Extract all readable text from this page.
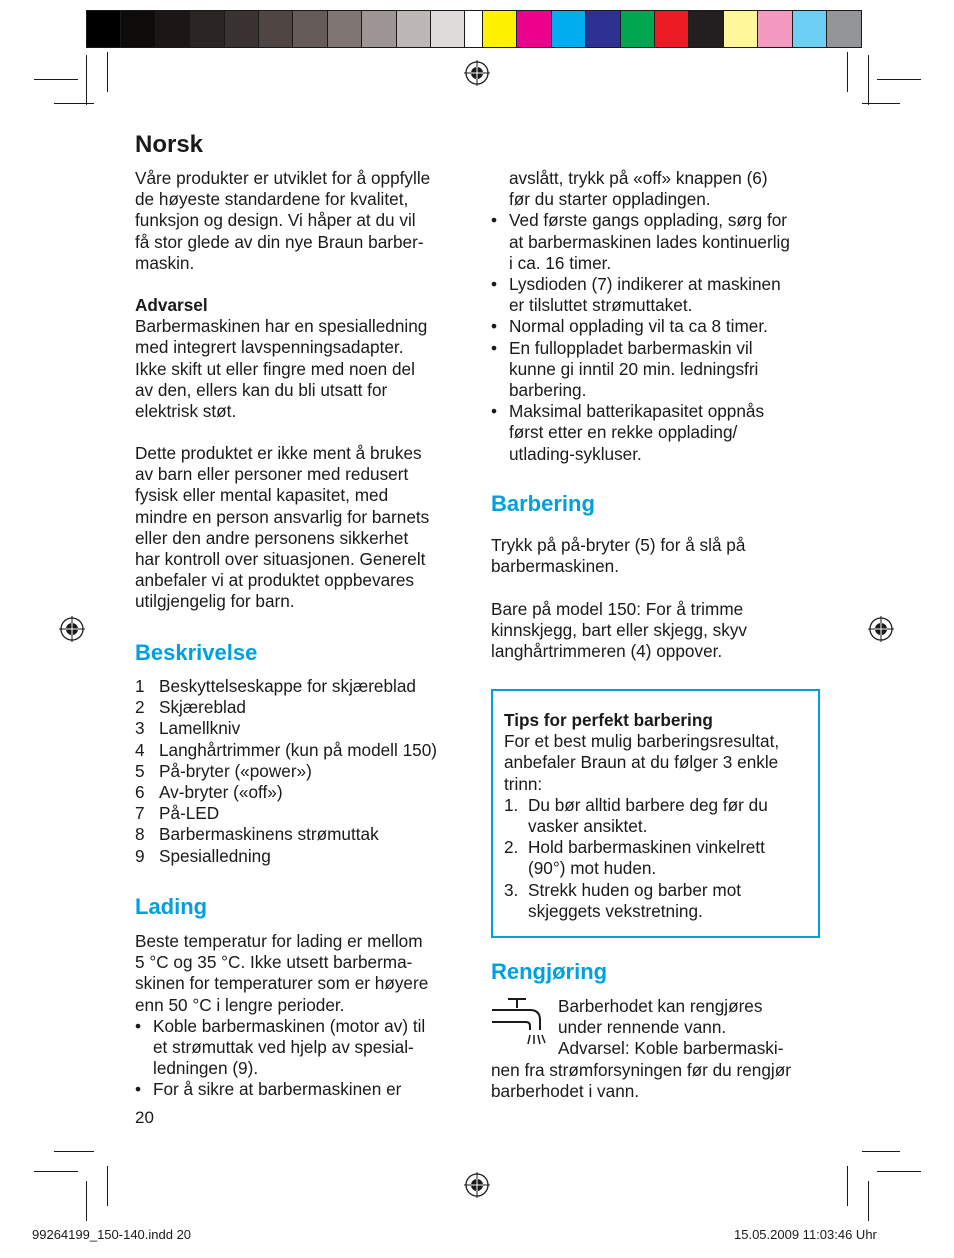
Norsk
Våre produkter er utviklet for å oppfylle
de høyeste standardene for kvalitet,
funksjon og design. Vi håper at du vil
få stor glede av din nye Braun barber-
maskin.

Advarsel

Barbermaskinen har en spesialledning
med integrert lavspenningsadapter.
Ikke skift ut eller fingre med noen del
av den, ellers kan du bli utsatt for
elektrisk støt.
Dette produktet er ikke ment å brukes
av barn eller personer med redusert
fysisk eller mental kapasitet, med
mindre en person ansvarlig for barnets
eller den andre personens sikkerhet
har kontroll over situasjonen. Generelt
anbefaler vi at produktet oppbevares
utilgjengelig for barn.
Beskrivelse
1 Beskyttelseskappe for skjæreblad
2 Skjæreblad
3 Lamellkniv
4 Langhårtrimmer (kun på modell 150)
5 På-bryter («power»)
6 Av-bryter («off»)
7 På-LED
8 Barbermaskinens strømuttak
9 Spesialledning
Lading
Beste temperatur for lading er mellom
5 °C og 35 °C. Ikke utsett barberma-
skinen for temperaturer som er høyere
enn 50 °C i lengre perioder.
• Koble barbermaskinen (motor av) til
et strømuttak ved hjelp av spesial-
ledningen (9).
• For å sikre at barbermaskinen er
20
avslått, trykk på «off» knappen (6)
før du starter oppladingen.
• Ved første gangs opplading, sørg for
at barbermaskinen lades kontinuerlig
i ca. 16 timer.
• Lysdioden (7) indikerer at maskinen
er tilsluttet strømuttaket.
• Normal opplading vil ta ca 8 timer.
• En fulloppladet barbermaskin vil
kunne gi inntil 20 min. ledningsfri
barbering.
• Maksimal batterikapasitet oppnås
først etter en rekke opplading/
utlading-sykluser.
Barbering
Trykk på på-bryter (5) for å slå på
barbermaskinen.
Bare på model 150: For å trimme
kinnskjegg, bart eller skjegg, skyv
langhårtrimmeren (4) oppover.

Tips for perfekt barbering

For et best mulig barberingsresultat,
anbefaler Braun at du følger 3 enkle
trinn:
1. Du bør alltid barbere deg før du
vasker ansiktet.
2. Hold barbermaskinen vinkelrett
(90°) mot huden.
3. Strekk huden og barber mot
skjeggets vekstretning.
Rengjøring
Barberhodet kan rengjøres
under rennende vann.
Advarsel: Koble barbermaski-
nen fra strømforsyningen før du rengjør
barberhodet i vann.
99264199_150-140.indd 20	15.05.2009 11:03:46 Uhr
